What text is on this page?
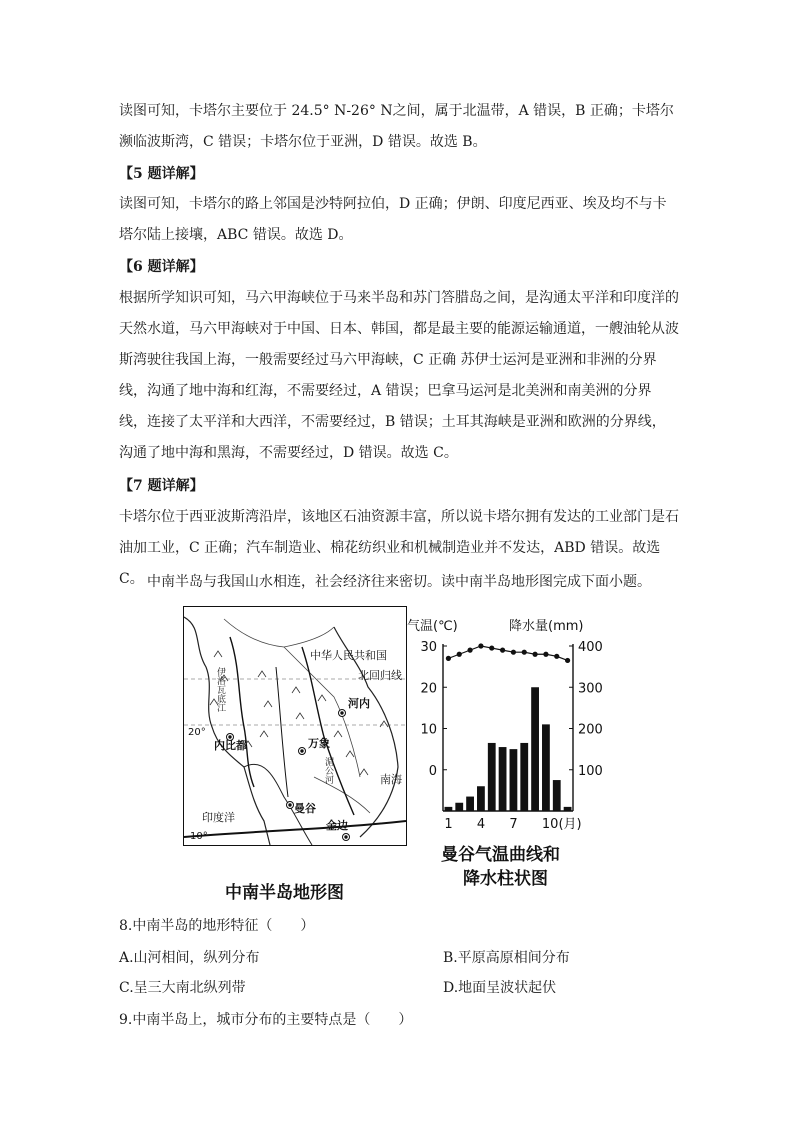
读图可知，卡塔尔主要位于 24.5° N-26° N之间，属于北温带，A 错误，B 正确；卡塔尔濒临波斯湾，C 错误；卡塔尔位于亚洲，D 错误。故选 B。

【5 题详解】

读图可知，卡塔尔的路上邻国是沙特阿拉伯，D 正确；伊朗、印度尼西亚、埃及均不与卡塔尔陆上接壤，ABC 错误。故选 D。

【6 题详解】

根据所学知识可知，马六甲海峡位于马来半岛和苏门答腊岛之间，是沟通太平洋和印度洋的天然水道，马六甲海峡对于中国、日本、韩国，都是最主要的能源运输通道，一艘油轮从波斯湾驶往我国上海，一般需要经过马六甲海峡，C 正确 苏伊士运河是亚洲和非洲的分界线，沟通了地中海和红海，不需要经过，A 错误；巴拿马运河是北美洲和南美洲的分界线，连接了太平洋和大西洋，不需要经过，B 错误；土耳其海峡是亚洲和欧洲的分界线，沟通了地中海和黑海，不需要经过，D 错误。故选 C。

【7 题详解】

卡塔尔位于西亚波斯湾沿岸，该地区石油资源丰富，所以说卡塔尔拥有发达的工业部门是石油加工业，C 正确；汽车制造业、棉花纺织业和机械制造业并不发达，ABD 错误。故选 C。 中南半岛与我国山水相连，社会经济往来密切。读中南半岛地形图完成下面小题。
中华人民共和国
北回归线
河内
内比都	万象
曼谷
金边
印度洋
20°
10°
南海
伊洛瓦底江
湄公河
中南半岛地形图
气温(℃)	降水量(mm)
30
20
10
0
400
300
200
100
1 4 7 10(月)
曼谷气温曲线和
降水柱状图
8.中南半岛的地形特征（　　）
A.山河相间，纵列分布	B.平原高原相间分布
C.呈三大南北纵列带	D.地面呈波状起伏
9.中南半岛上，城市分布的主要特点是（　　）
